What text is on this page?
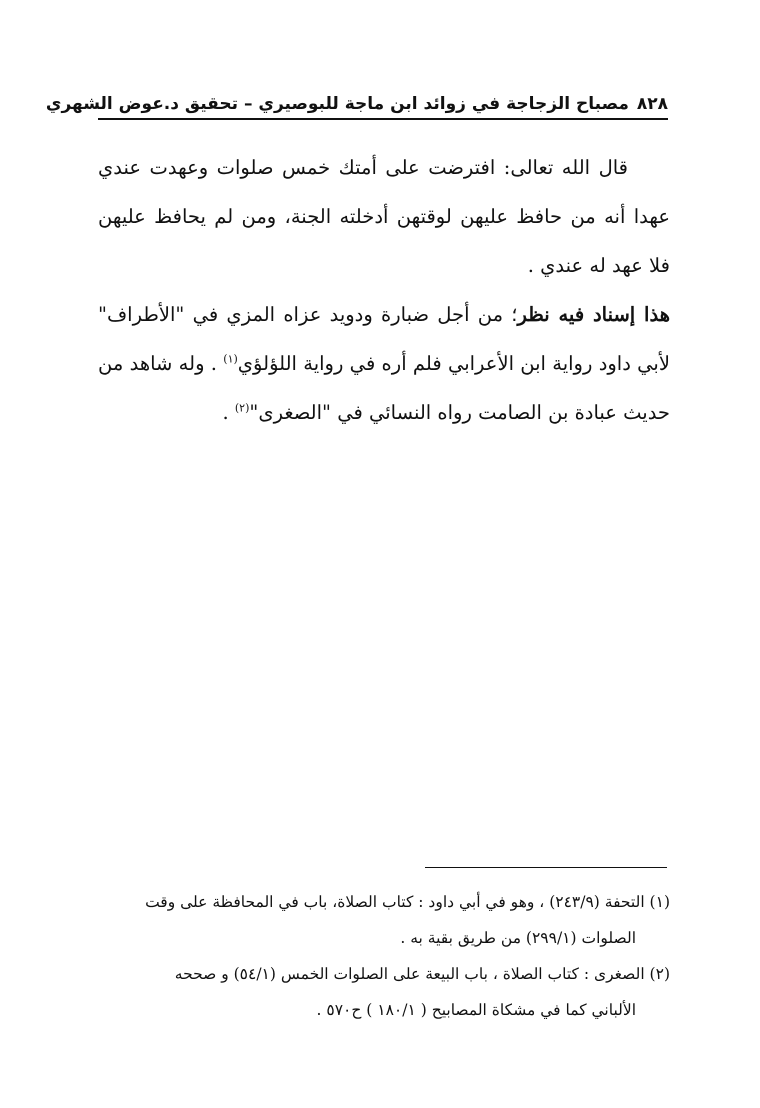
٨٢٨
مصباح الزجاجة في زوائد ابن ماجة للبوصيري – تحقيق د.عوض الشهري

قال الله تعالى: افترضت على أمتك خمس صلوات وعهدت عندي عهدا أنه من حافظ عليهن لوقتهن أدخلته الجنة، ومن لم يحافظ عليهن فلا عهد له عندي .

هذا إسناد فيه نظر؛ من أجل ضبارة ودويد عزاه المزي في "الأطراف" لأبي داود رواية ابن الأعرابي فلم أره في رواية اللؤلؤي$^{(١)}$ . وله شاهد من حديث عبادة بن الصامت رواه النسائي في "الصغرى"$^{(٢)}$ .

(١) التحفة (٢٤٣/٩) ، وهو في أبي داود : كتاب الصلاة، باب في المحافظة على وقت
الصلوات (٢٩٩/١) من طريق بقية به .

(٢) الصغرى : كتاب الصلاة ، باب البيعة على الصلوات الخمس (٥٤/١) و صححه
الألباني كما في مشكاة المصابيح ( ١٨٠/١ ) ح٥٧٠ .
